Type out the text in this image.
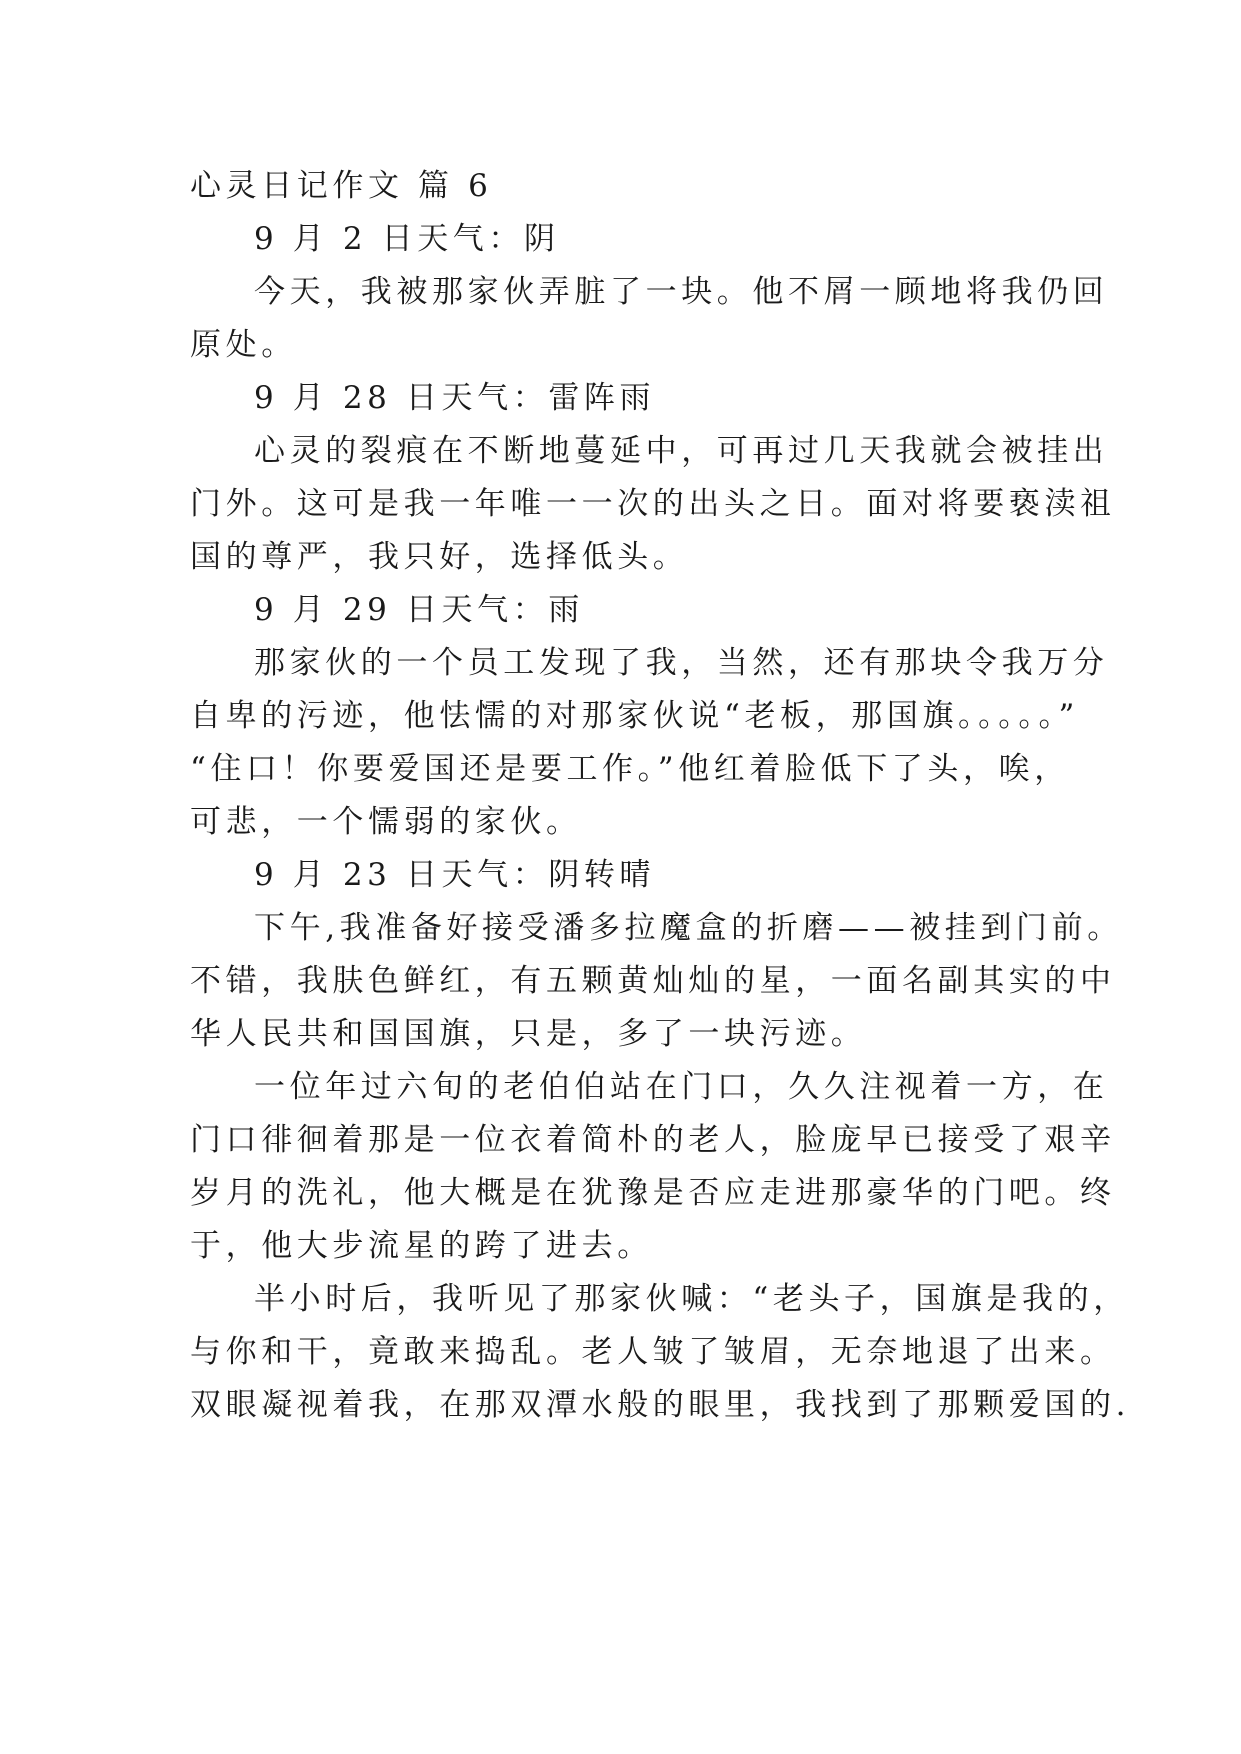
心灵日记作文 篇 6
9 月 2 日天气：阴
今天，我被那家伙弄脏了一块。他不屑一顾地将我仍回
原处。
9 月 28 日天气：雷阵雨
心灵的裂痕在不断地蔓延中，可再过几天我就会被挂出
门外。这可是我一年唯一一次的出头之日。面对将要亵渎祖
国的尊严，我只好，选择低头。
9 月 29 日天气：雨
那家伙的一个员工发现了我，当然，还有那块令我万分
自卑的污迹，他怯懦的对那家伙说“老板，那国旗。。。。。”
“住口！你要爱国还是要工作。”他红着脸低下了头，唉，
可悲，一个懦弱的家伙。
9 月 23 日天气：阴转晴
下午,我准备好接受潘多拉魔盒的折磨——被挂到门前。
不错，我肤色鲜红，有五颗黄灿灿的星，一面名副其实的中
华人民共和国国旗，只是，多了一块污迹。
一位年过六旬的老伯伯站在门口，久久注视着一方，在
门口徘徊着那是一位衣着简朴的老人，脸庞早已接受了艰辛
岁月的洗礼，他大概是在犹豫是否应走进那豪华的门吧。终
于，他大步流星的跨了进去。
半小时后，我听见了那家伙喊：“老头子，国旗是我的，
与你和干，竟敢来捣乱。老人皱了皱眉，无奈地退了出来。
双眼凝视着我，在那双潭水般的眼里，我找到了那颗爱国的.
